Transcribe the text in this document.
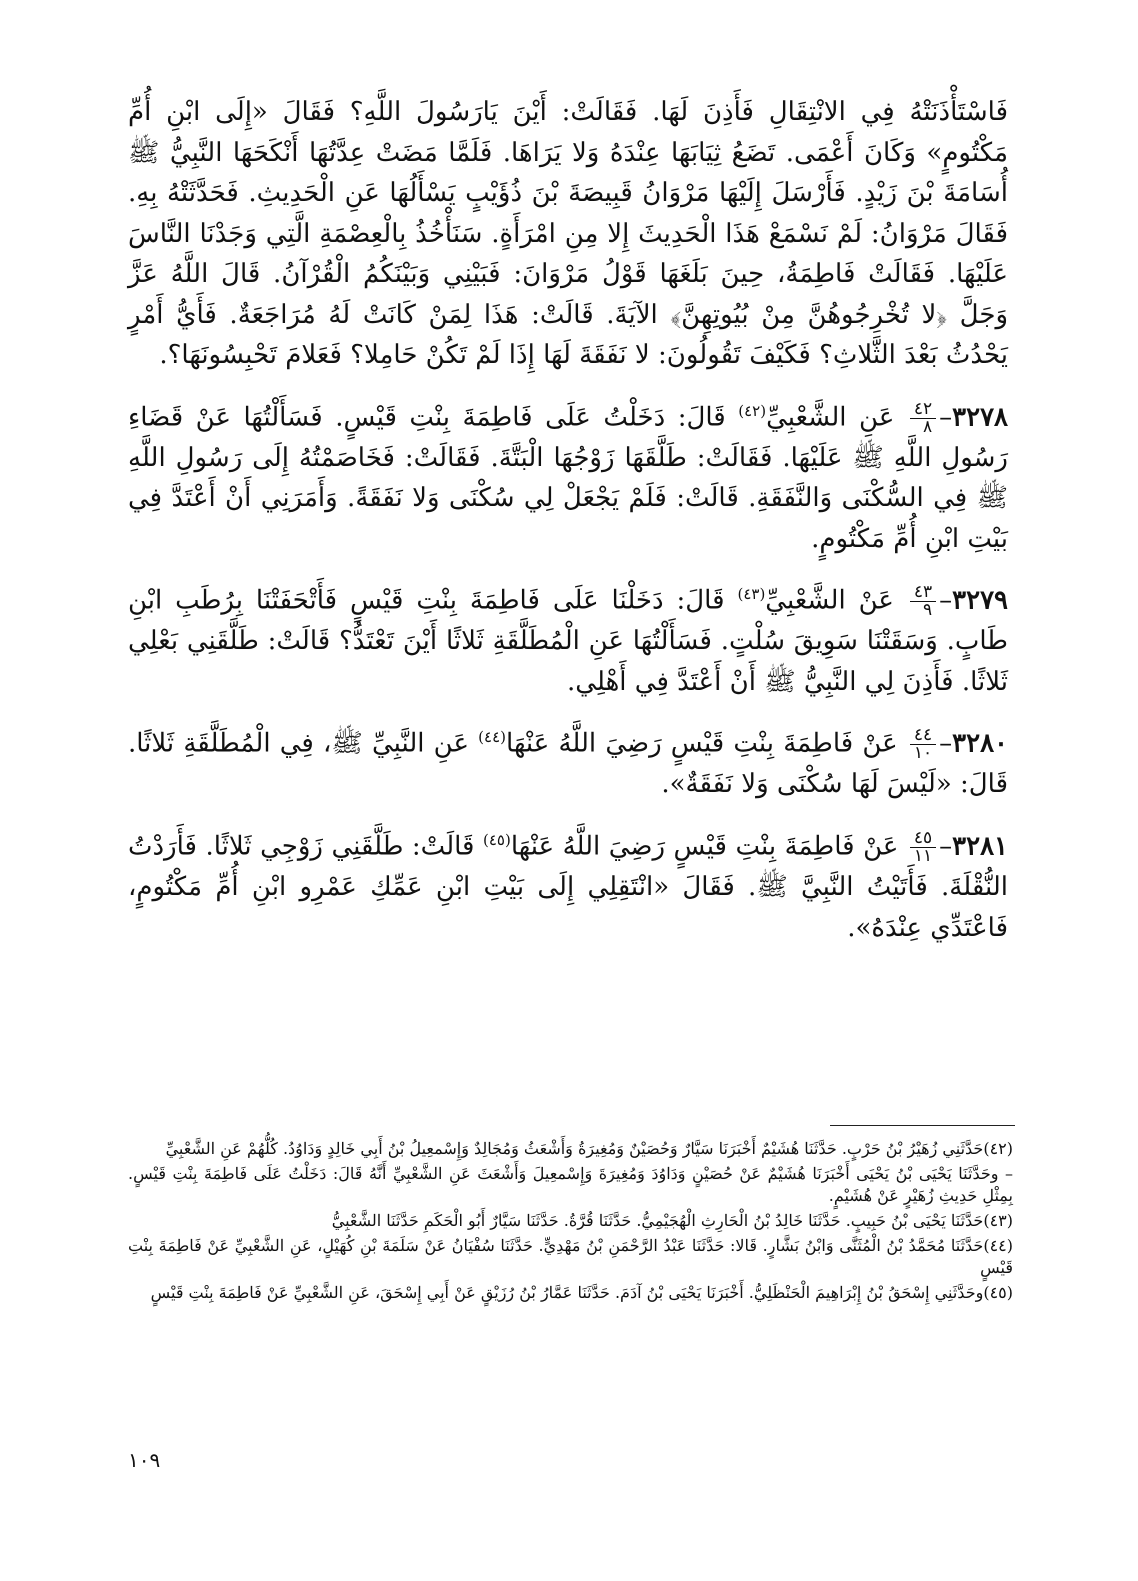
فَاسْتَأْذَنَتْهُ فِي الانْتِقَالِ فَأَذِنَ لَهَا. فَقَالَتْ: أَيْنَ يَارَسُولَ اللَّهِ؟ فَقَالَ «إِلَى ابْنِ أُمِّ مَكْتُومٍ» وَكَانَ أَعْمَى. تَضَعُ ثِيَابَهَا عِنْدَهُ وَلا يَرَاهَا. فَلَمَّا مَضَتْ عِدَّتُهَا أَنْكَحَهَا النَّبِيُّ ﷺ أُسَامَةَ بْنَ زَيْدٍ. فَأَرْسَلَ إِلَيْهَا مَرْوَانُ قَبِيصَةَ بْنَ ذُؤَيْبٍ يَسْأَلُهَا عَنِ الْحَدِيثِ. فَحَدَّثَتْهُ بِهِ. فَقَالَ مَرْوَانُ: لَمْ نَسْمَعْ هَذَا الْحَدِيثَ إِلا مِنِ امْرَأَةٍ. سَنَأْخُذُ بِالْعِصْمَةِ الَّتِي وَجَدْنَا النَّاسَ عَلَيْهَا. فَقَالَتْ فَاطِمَةُ، حِينَ بَلَغَهَا قَوْلُ مَرْوَانَ: فَبَيْنِي وَبَيْنَكُمُ الْقُرْآنُ. قَالَ اللَّهُ عَزَّ وَجَلَّ ﴿لا تُخْرِجُوهُنَّ مِنْ بُيُوتِهِنَّ﴾ الآيَةَ. قَالَتْ: هَذَا لِمَنْ كَانَتْ لَهُ مُرَاجَعَةٌ. فَأَيُّ أَمْرٍ يَحْدُثُ بَعْدَ الثَّلاثِ؟ فَكَيْفَ تَقُولُونَ: لا نَفَقَةَ لَهَا إِذَا لَمْ تَكُنْ حَامِلا؟ فَعَلامَ تَحْبِسُونَهَا؟.

٣٢٧٨–
$\frac{٤٢}{٨}$
عَنِ الشَّعْبِيِّ$^{(٤٢)}$ قَالَ: دَخَلْتُ عَلَى فَاطِمَةَ بِنْتِ قَيْسٍ. فَسَأَلْتُهَا عَنْ قَضَاءِ رَسُولِ اللَّهِ ﷺ عَلَيْهَا. فَقَالَتْ: طَلَّقَهَا زَوْجُهَا الْبَتَّةَ. فَقَالَتْ: فَخَاصَمْتُهُ إِلَى رَسُولِ اللَّهِ ﷺ فِي السُّكْنَى وَالنَّفَقَةِ. قَالَتْ: فَلَمْ يَجْعَلْ لِي سُكْنَى وَلا نَفَقَةً. وَأَمَرَنِي أَنْ أَعْتَدَّ فِي بَيْتِ ابْنِ أُمِّ مَكْتُومٍ.

٣٢٧٩–
$\frac{٤٣}{٩}$
عَنْ الشَّعْبِيِّ$^{(٤٣)}$ قَالَ: دَخَلْنَا عَلَى فَاطِمَةَ بِنْتِ قَيْسٍ فَأَتْحَفَتْنَا بِرُطَبِ ابْنِ طَابٍ. وَسَقَتْنَا سَوِيقَ سُلْتٍ. فَسَأَلْتُهَا عَنِ الْمُطَلَّقَةِ ثَلاثًا أَيْنَ تَعْتَدُّ؟ قَالَتْ: طَلَّقَنِي بَعْلِي ثَلاثًا. فَأَذِنَ لِي النَّبِيُّ ﷺ أَنْ أَعْتَدَّ فِي أَهْلِي.

٣٢٨٠–
$\frac{٤٤}{١٠}$
عَنْ فَاطِمَةَ بِنْتِ قَيْسٍ رَضِيَ اللَّهُ عَنْهَا$^{(٤٤)}$ عَنِ النَّبِيِّ ﷺ، فِي الْمُطَلَّقَةِ ثَلاثًا. قَالَ: «لَيْسَ لَهَا سُكْنَى وَلا نَفَقَةٌ».

٣٢٨١–
$\frac{٤٥}{١١}$
عَنْ فَاطِمَةَ بِنْتِ قَيْسٍ رَضِيَ اللَّهُ عَنْهَا$^{(٤٥)}$ قَالَتْ: طَلَّقَنِي زَوْجِي ثَلاثًا. فَأَرَدْتُ النُّقْلَةَ. فَأَتَيْتُ النَّبِيَّ ﷺ. فَقَالَ «انْتَقِلِي إِلَى بَيْتِ ابْنِ عَمِّكِ عَمْرِو ابْنِ أُمِّ مَكْتُومٍ، فَاعْتَدِّي عِنْدَهُ».

(٤٢)حَدَّثَنِي زُهَيْرُ بْنُ حَرْبٍ. حَدَّثَنَا هُشَيْمٌ أَخْبَرَنَا سَيَّارٌ وَحُصَيْنٌ وَمُغِيرَةُ وَأَشْعَثُ وَمُجَالِدٌ وَإِسْمعِيلُ بْنُ أَبِي خَالِدٍ وَدَاوُدُ. كُلُّهُمْ عَنِ الشَّعْبِيِّ

– وحَدَّثَنَا يَحْيَى بْنُ يَحْيَى أَخْبَرَنَا هُشَيْمٌ عَنْ حُصَيْنٍ وَدَاوُدَ وَمُغِيرَةَ وَإِسْمعِيلَ وَأَشْعَثَ عَنِ الشَّعْبِيِّ أَنَّهُ قَالَ: دَخَلْتُ عَلَى فَاطِمَةَ بِنْتِ قَيْسٍ. بِمِثْلِ حَدِيثِ زُهَيْرٍ عَنْ هُشَيْمٍ.

(٤٣)حَدَّثَنَا يَحْيَى بْنُ حَبِيبٍ. حَدَّثَنَا خَالِدُ بْنُ الْحَارِثِ الْهُجَيْمِيُّ. حَدَّثَنَا قُرَّةُ. حَدَّثَنَا سَيَّارٌ أَبُو الْحَكَمِ حَدَّثَنَا الشَّعْبِيُّ

(٤٤)حَدَّثَنَا مُحَمَّدُ بْنُ الْمُثَنَّى وَابْنُ بَشَّارٍ. قَالا: حَدَّثَنَا عَبْدُ الرَّحْمَنِ بْنُ مَهْدِيٍّ. حَدَّثَنَا سُفْيَانُ عَنْ سَلَمَةَ بْنِ كُهَيْلٍ، عَنِ الشَّعْبِيِّ عَنْ فَاطِمَةَ بِنْتِ قَيْسٍ

(٤٥)وحَدَّثَنِي إِسْحَقُ بْنُ إِبْرَاهِيمَ الْحَنْظَلِيُّ. أَخْبَرَنَا يَحْيَى بْنُ آدَمَ. حَدَّثَنَا عَمَّارُ بْنُ رُزَيْقٍ عَنْ أَبِي إِسْحَقَ، عَنِ الشَّعْبِيِّ عَنْ فَاطِمَةَ بِنْتِ قَيْسٍ

١٠٩
